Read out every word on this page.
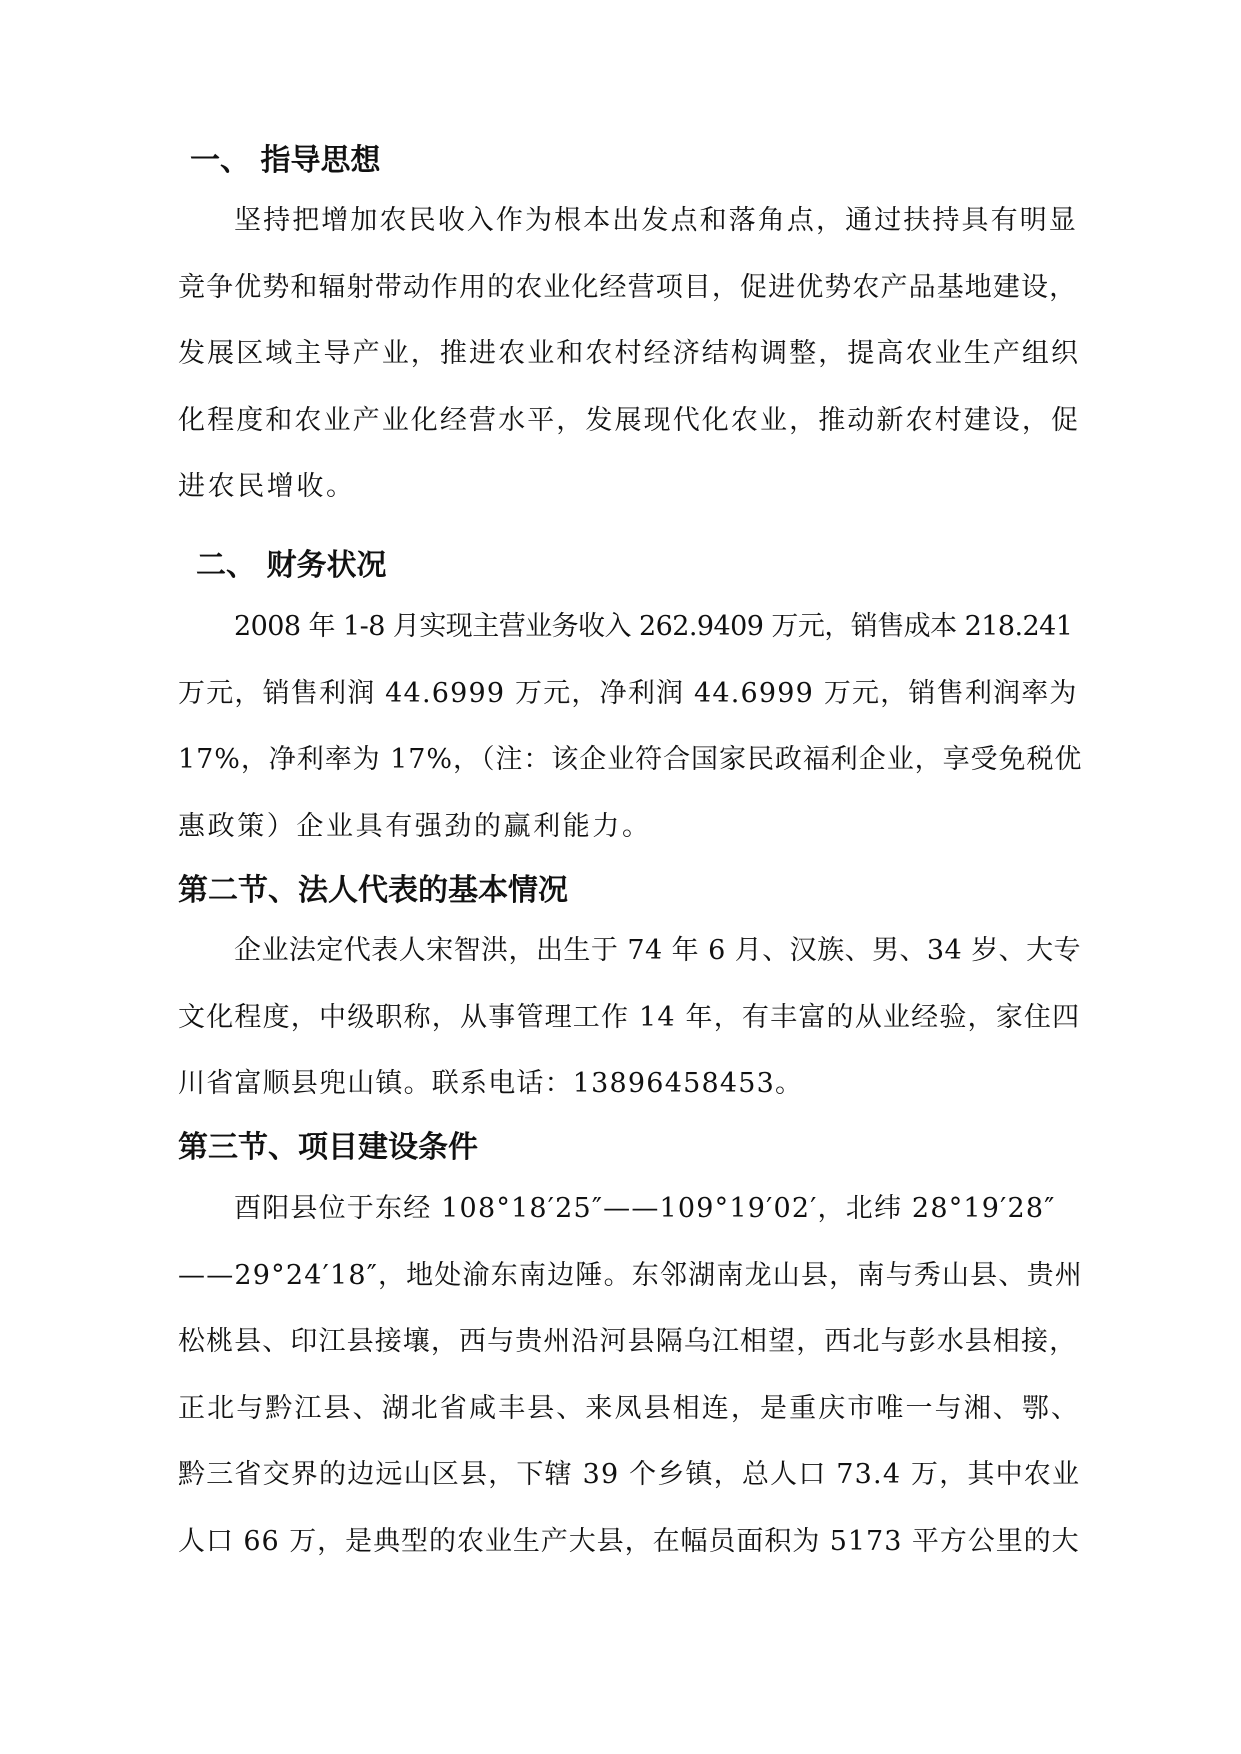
一、 指导思想
坚持把增加农民收入作为根本出发点和落角点，通过扶持具有明显
竞争优势和辐射带动作用的农业化经营项目，促进优势农产品基地建设，
发展区域主导产业，推进农业和农村经济结构调整，提高农业生产组织
化程度和农业产业化经营水平，发展现代化农业，推动新农村建设，促
进农民增收。
二、 财务状况
2008 年 1-8 月实现主营业务收入 262.9409 万元，销售成本 218.241
万元，销售利润 44.6999 万元，净利润 44.6999 万元，销售利润率为
17%，净利率为 17%，（注：该企业符合国家民政福利企业，享受免税优
惠政策）企业具有强劲的赢利能力。
第二节、法人代表的基本情况
企业法定代表人宋智洪，出生于 74 年 6 月、汉族、男、34 岁、大专
文化程度，中级职称，从事管理工作 14 年，有丰富的从业经验，家住四
川省富顺县兜山镇。联系电话：13896458453。
第三节、项目建设条件
酉阳县位于东经 108°18′25″——109°19′02′，北纬 28°19′28″
——29°24′18″，地处渝东南边陲。东邻湖南龙山县，南与秀山县、贵州
松桃县、印江县接壤，西与贵州沿河县隔乌江相望，西北与彭水县相接，
正北与黔江县、湖北省咸丰县、来凤县相连，是重庆市唯一与湘、鄂、
黔三省交界的边远山区县，下辖 39 个乡镇，总人口 73.4 万，其中农业
人口 66 万，是典型的农业生产大县，在幅员面积为 5173 平方公里的大
